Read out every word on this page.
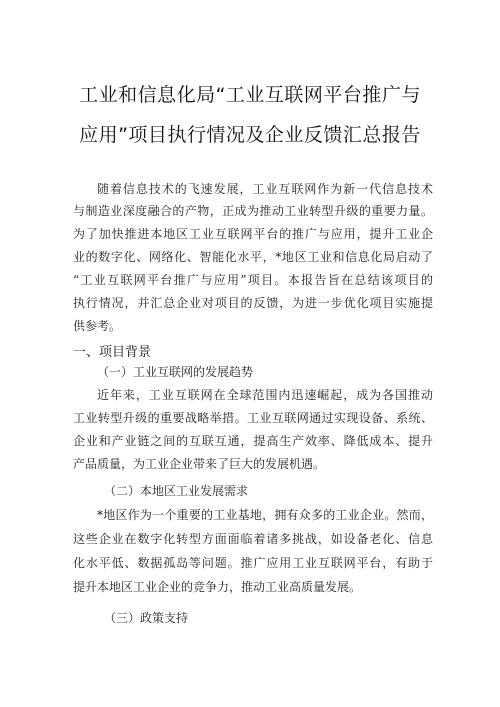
工业和信息化局“工业互联网平台推广与
应用”项目执行情况及企业反馈汇总报告
随着信息技术的飞速发展，工业互联网作为新一代信息技术
与制造业深度融合的产物，正成为推动工业转型升级的重要力量。
为了加快推进本地区工业互联网平台的推广与应用，提升工业企
业的数字化、网络化、智能化水平，*地区工业和信息化局启动了
“工业互联网平台推广与应用”项目。本报告旨在总结该项目的
执行情况，并汇总企业对项目的反馈，为进一步优化项目实施提
供参考。
一、项目背景
（一）工业互联网的发展趋势
近年来，工业互联网在全球范围内迅速崛起，成为各国推动
工业转型升级的重要战略举措。工业互联网通过实现设备、系统、
企业和产业链之间的互联互通，提高生产效率、降低成本、提升
产品质量，为工业企业带来了巨大的发展机遇。
（二）本地区工业发展需求
*地区作为一个重要的工业基地，拥有众多的工业企业。然而，
这些企业在数字化转型方面面临着诸多挑战，如设备老化、信息
化水平低、数据孤岛等问题。推广应用工业互联网平台，有助于
提升本地区工业企业的竞争力，推动工业高质量发展。
（三）政策支持
